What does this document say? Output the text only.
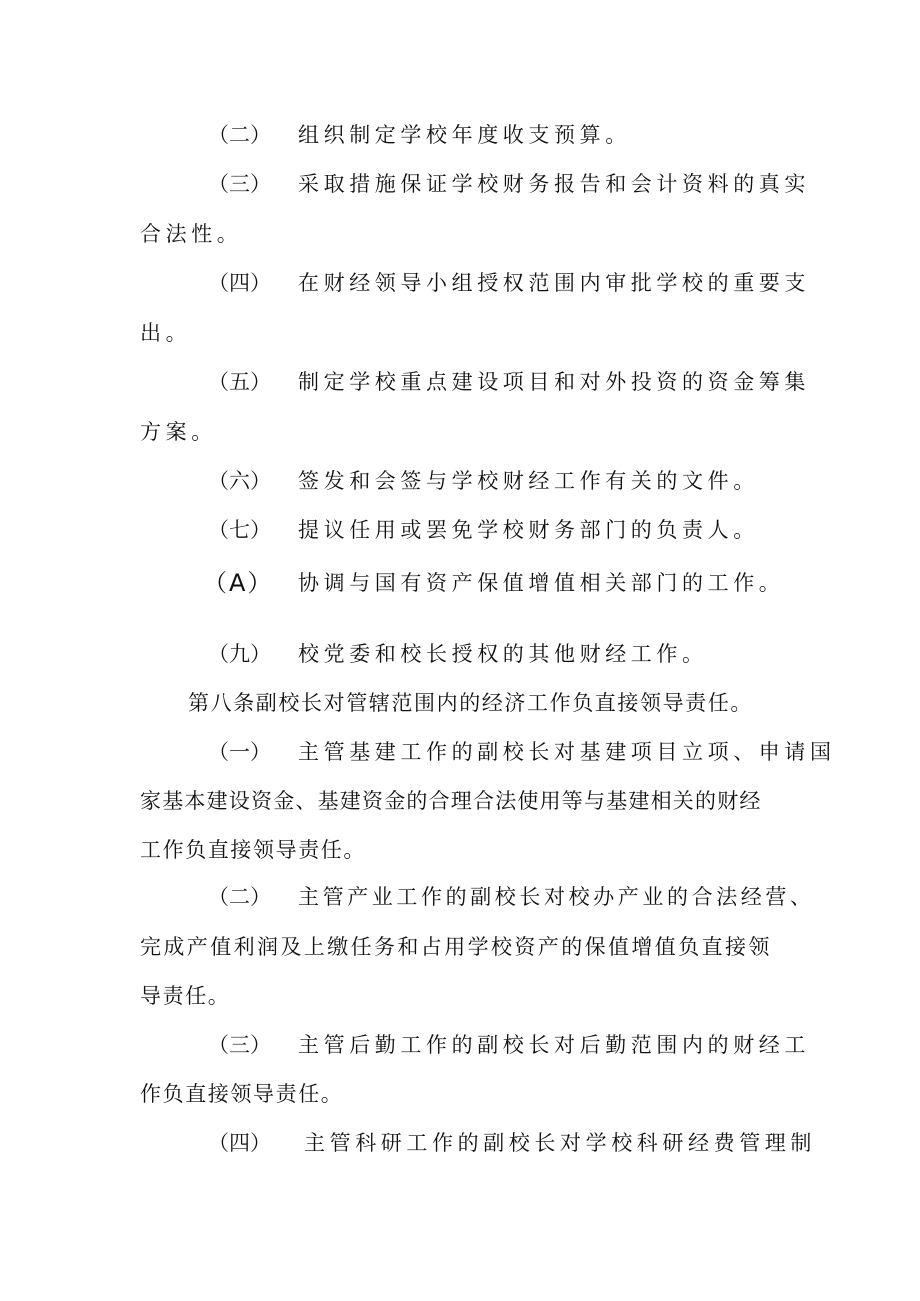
（二） 组织制定学校年度收支预算。
（三） 采取措施保证学校财务报告和会计资料的真实
合法性。
（四） 在财经领导小组授权范围内审批学校的重要支
出。
（五） 制定学校重点建设项目和对外投资的资金筹集
方案。
（六） 签发和会签与学校财经工作有关的文件。
（七） 提议任用或罢免学校财务部门的负责人。
（A） 协调与国有资产保值增值相关部门的工作。
（九） 校党委和校长授权的其他财经工作。
第八条副校长对管辖范围内的经济工作负直接领导责任。
（一） 主管基建工作的副校长对基建项目立项、申请国
家基本建设资金、基建资金的合理合法使用等与基建相关的财经
工作负直接领导责任。
（二） 主管产业工作的副校长对校办产业的合法经营、
完成产值利润及上缴任务和占用学校资产的保值增值负直接领
导责任。
（三） 主管后勤工作的副校长对后勤范围内的财经工
作负直接领导责任。
（四） 主管科研工作的副校长对学校科研经费管理制
